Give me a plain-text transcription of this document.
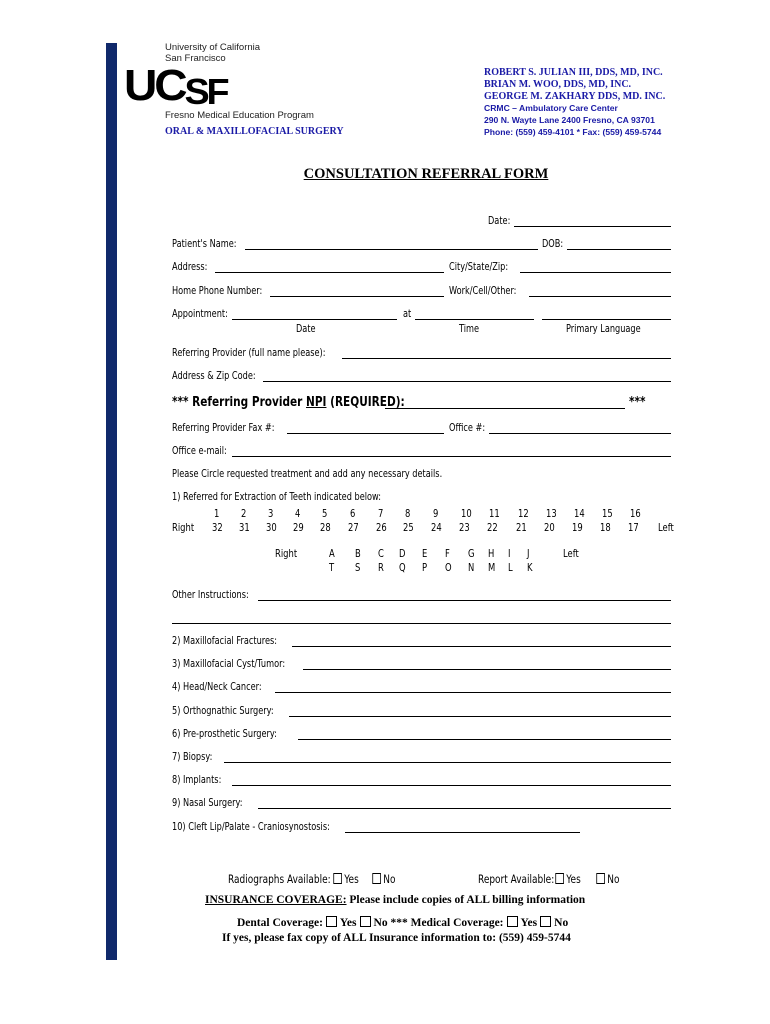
University of California
San Francisco
UCSF
Fresno Medical Education Program
ORAL & MAXILLOFACIAL SURGERY
ROBERT S. JULIAN III, DDS, MD, INC.
BRIAN M. WOO, DDS, MD, INC.
GEORGE M. ZAKHARY DDS, MD. INC.
CRMC – Ambulatory Care Center
290 N. Wayte Lane 2400 Fresno, CA 93701
Phone: (559) 459-4101 * Fax: (559) 459-5744
CONSULTATION REFERRAL FORM
Date:
Patient's Name:	DOB:
Address:	City/State/Zip:
Home Phone Number:	Work/Cell/Other:
Appointment:	at
Date	Time	Primary Language
Referring Provider (full name please):
Address & Zip Code:
*** Referring Provider NPI (REQUIRED):	***
Referring Provider Fax #:	Office #:
Office e-mail:
Please Circle requested treatment and add any necessary details.
1) Referred for Extraction of Teeth indicated below:
1 2 3 4 5 6 7 8 9 10 11 12 13 14 15 16
32 31 30 29 28 27 26 25 24 23 22 21 20 19 18 17
Right	Left
Right	Left
A B C D E F G H I J
T S R Q P O N M L K
Other Instructions:
2) Maxillofacial Fractures:
3) Maxillofacial Cyst/Tumor:
4) Head/Neck Cancer:
5) Orthognathic Surgery:
6) Pre-prosthetic Surgery:
7) Biopsy:
8) Implants:
9) Nasal Surgery:
10) Cleft Lip/Palate - Craniosynostosis:
Radiographs Available:	Yes	No	Report Available:	Yes	No
INSURANCE COVERAGE: Please include copies of ALL billing information
Dental Coverage: Yes No *** Medical Coverage: Yes No
If yes, please fax copy of ALL Insurance information to: (559) 459-5744
